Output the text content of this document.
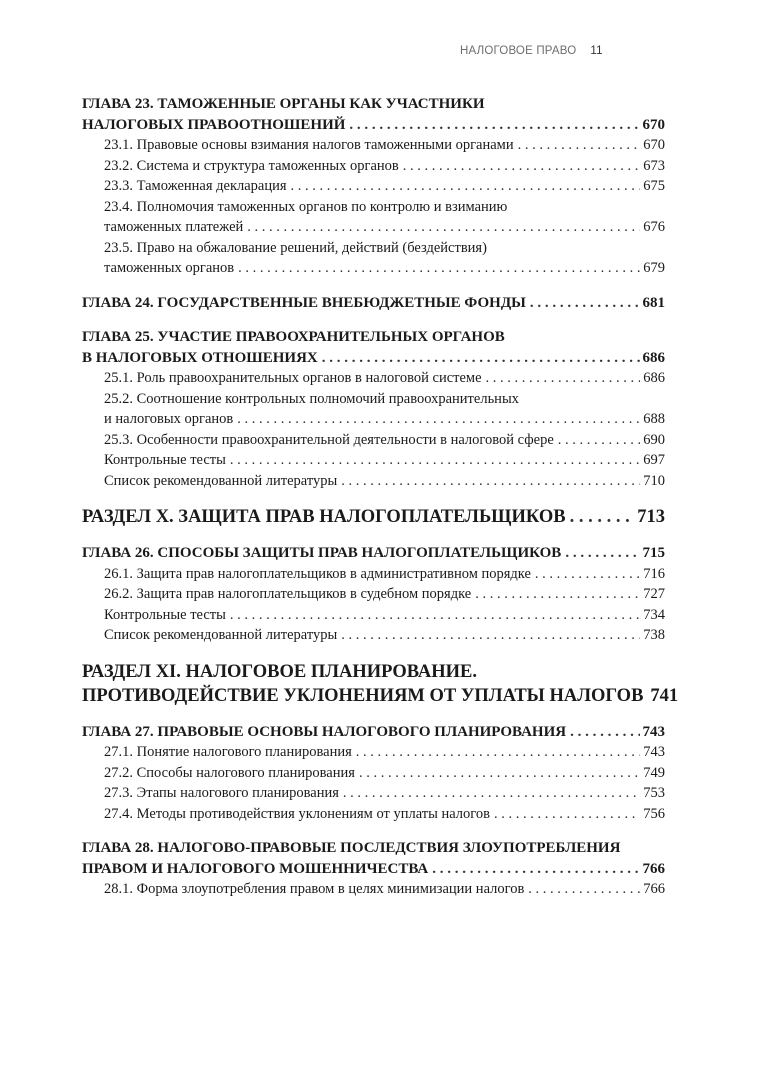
НАЛОГОВОЕ ПРАВО 11
ГЛАВА 23. ТАМОЖЕННЫЕ ОРГАНЫ КАК УЧАСТНИКИ
НАЛОГОВЫХ ПРАВООТНОШЕНИЙ . . .	670
23.1. Правовые основы взимания налогов таможенными органами . . .	670
23.2. Система и структура таможенных органов . . .	673
23.3. Таможенная декларация . . .	675
23.4. Полномочия таможенных органов по контролю и взиманию
таможенных платежей . . .	676
23.5. Право на обжалование решений, действий (бездействия)
таможенных органов . . .	679
ГЛАВА 24. ГОСУДАРСТВЕННЫЕ ВНЕБЮДЖЕТНЫЕ ФОНДЫ . . .	681
ГЛАВА 25. УЧАСТИЕ ПРАВООХРАНИТЕЛЬНЫХ ОРГАНОВ
В НАЛОГОВЫХ ОТНОШЕНИЯХ . . .	686
25.1. Роль правоохранительных органов в налоговой системе . . .	686
25.2. Соотношение контрольных полномочий правоохранительных
и налоговых органов . . .	688
25.3. Особенности правоохранительной деятельности в налоговой сфере . . .	690
Контрольные тесты . . .	697
Список рекомендованной литературы . . .	710
РАЗДЕЛ X. ЗАЩИТА ПРАВ НАЛОГОПЛАТЕЛЬЩИКОВ . . .	713
ГЛАВА 26. СПОСОБЫ ЗАЩИТЫ ПРАВ НАЛОГОПЛАТЕЛЬЩИКОВ . . .	715
26.1. Защита прав налогоплательщиков в административном порядке . . .	716
26.2. Защита прав налогоплательщиков в судебном порядке . . .	727
Контрольные тесты . . .	734
Список рекомендованной литературы . . .	738
РАЗДЕЛ XI. НАЛОГОВОЕ ПЛАНИРОВАНИЕ.
ПРОТИВОДЕЙСТВИЕ УКЛОНЕНИЯМ ОТ УПЛАТЫ НАЛОГОВ 741
ГЛАВА 27. ПРАВОВЫЕ ОСНОВЫ НАЛОГОВОГО ПЛАНИРОВАНИЯ . . .	743
27.1. Понятие налогового планирования . . .	743
27.2. Способы налогового планирования . . .	749
27.3. Этапы налогового планирования . . .	753
27.4. Методы противодействия уклонениям от уплаты налогов . . .	756
ГЛАВА 28. НАЛОГОВО-ПРАВОВЫЕ ПОСЛЕДСТВИЯ ЗЛОУПОТРЕБЛЕНИЯ
ПРАВОМ И НАЛОГОВОГО МОШЕННИЧЕСТВА . . .	766
28.1. Форма злоупотребления правом в целях минимизации налогов . . .	766
